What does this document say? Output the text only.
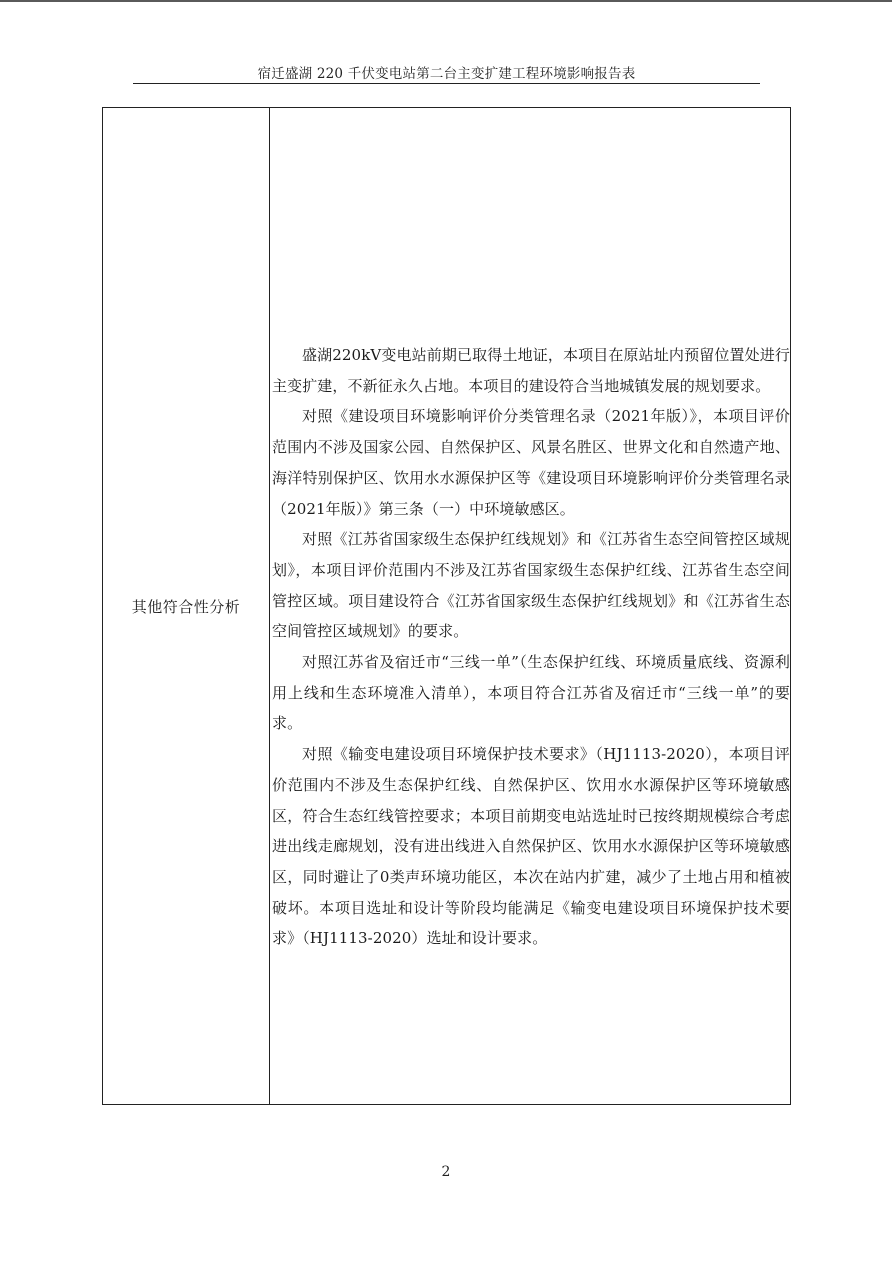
宿迁盛湖 220 千伏变电站第二台主变扩建工程环境影响报告表
其他符合性分析

盛湖220kV变电站前期已取得土地证，本项目在原站址内预留位置处进行主变扩建，不新征永久占地。本项目的建设符合当地城镇发展的规划要求。

对照《建设项目环境影响评价分类管理名录（2021年版）》，本项目评价范围内不涉及国家公园、自然保护区、风景名胜区、世界文化和自然遗产地、海洋特别保护区、饮用水水源保护区等《建设项目环境影响评价分类管理名录（2021年版）》第三条（一）中环境敏感区。

对照《江苏省国家级生态保护红线规划》和《江苏省生态空间管控区域规划》，本项目评价范围内不涉及江苏省国家级生态保护红线、江苏省生态空间管控区域。项目建设符合《江苏省国家级生态保护红线规划》和《江苏省生态空间管控区域规划》的要求。

对照江苏省及宿迁市“三线一单”（生态保护红线、环境质量底线、资源利用上线和生态环境准入清单），本项目符合江苏省及宿迁市“三线一单”的要求。

对照《输变电建设项目环境保护技术要求》（HJ1113-2020），本项目评价范围内不涉及生态保护红线、自然保护区、饮用水水源保护区等环境敏感区，符合生态红线管控要求；本项目前期变电站选址时已按终期规模综合考虑进出线走廊规划，没有进出线进入自然保护区、饮用水水源保护区等环境敏感区，同时避让了0类声环境功能区，本次在站内扩建，减少了土地占用和植被破坏。本项目选址和设计等阶段均能满足《输变电建设项目环境保护技术要求》（HJ1113-2020）选址和设计要求。

2
